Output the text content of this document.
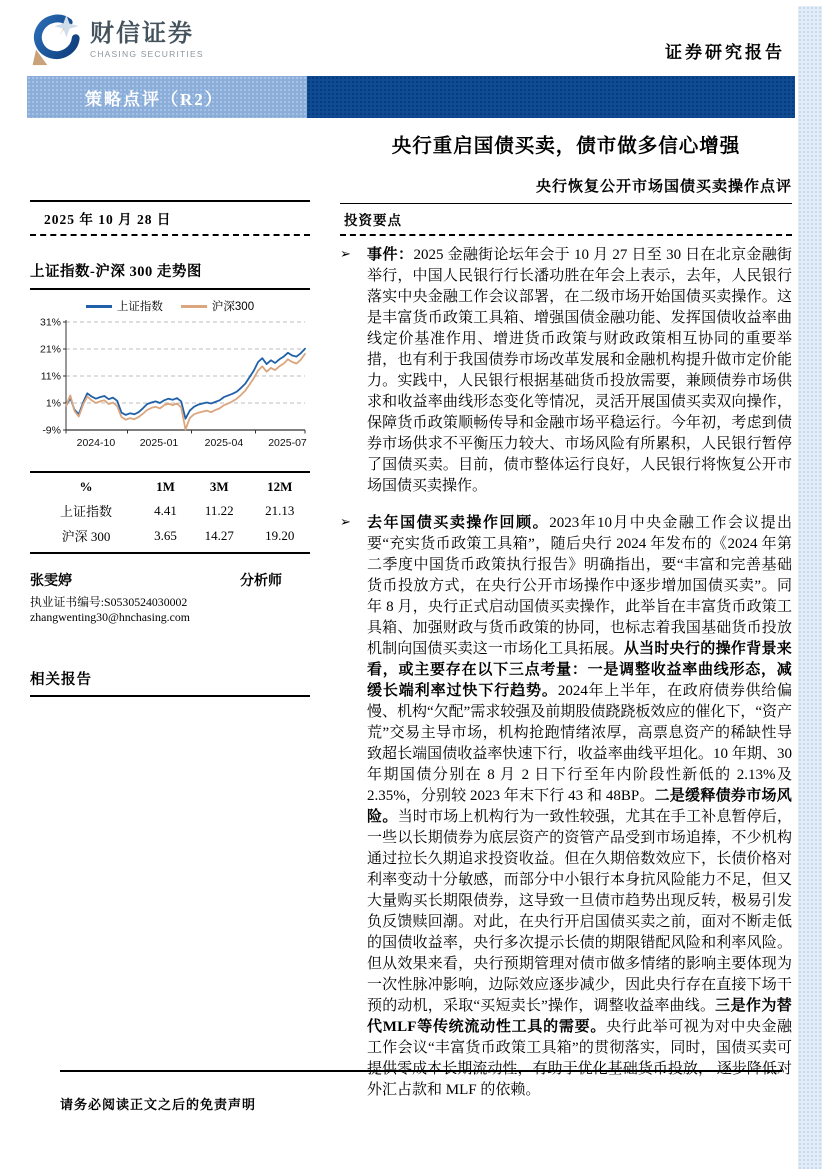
财信证券
CHASING SECURITIES	证券研究报告
策略点评（R2）
央行重启国债买卖，债市做多信心增强
央行恢复公开市场国债买卖操作点评
2025 年 10 月 28 日
上证指数-沪深 300 走势图
上证指数	沪深300
31%
21%
11%
1%
-9%
2024-10 2025-01	2025-04 2025-07
%	1M	3M	12M
上证指数	4.41	11.22	21.13
沪深 300	3.65	14.27	19.20
张雯婷	分析师
执业证书编号:S0530524030002
zhangwenting30@hnchasing.com
相关报告
投资要点
➢	事件：2025 金融街论坛年会于 10 月 27 日至 30 日在北京金融街举行，中国人民银行行长潘功胜在年会上表示，去年，人民银行落实中央金融工作会议部署，在二级市场开始国债买卖操作。这是丰富货币政策工具箱、增强国债金融功能、发挥国债收益率曲线定价基准作用、增进货币政策与财政政策相互协同的重要举措，也有利于我国债券市场改革发展和金融机构提升做市定价能力。实践中，人民银行根据基础货币投放需要，兼顾债券市场供求和收益率曲线形态变化等情况，灵活开展国债买卖双向操作，保障货币政策顺畅传导和金融市场平稳运行。今年初，考虑到债券市场供求不平衡压力较大、市场风险有所累积，人民银行暂停了国债买卖。目前，债市整体运行良好，人民银行将恢复公开市场国债买卖操作。

➢	去年国债买卖操作回顾。2023年10月中央金融工作会议提出要“充实货币政策工具箱”，随后央行 2024 年发布的《2024 年第二季度中国货币政策执行报告》明确指出，要“丰富和完善基础货币投放方式，在央行公开市场操作中逐步增加国债买卖”。同年 8 月，央行正式启动国债买卖操作，此举旨在丰富货币政策工具箱、加强财政与货币政策的协同，也标志着我国基础货币投放机制向国债买卖这一市场化工具拓展。从当时央行的操作背景来看，或主要存在以下三点考量：一是调整收益率曲线形态，减缓长端利率过快下行趋势。2024年上半年，在政府债券供给偏慢、机构“欠配”需求较强及前期股债跷跷板效应的催化下，“资产荒”交易主导市场，机构抢跑情绪浓厚，高票息资产的稀缺性导致超长端国债收益率快速下行，收益率曲线平坦化。10 年期、30 年期国债分别在 8 月 2 日下行至年内阶段性新低的 2.13%及 2.35%，分别较 2023 年末下行 43 和 48BP。二是缓释债券市场风险。当时市场上机构行为一致性较强，尤其在手工补息暂停后，一些以长期债券为底层资产的资管产品受到市场追捧，不少机构通过拉长久期追求投资收益。但在久期倍数效应下，长债价格对利率变动十分敏感，而部分中小银行本身抗风险能力不足，但又大量购买长期限债券，这导致一旦债市趋势出现反转，极易引发负反馈赎回潮。对此，在央行开启国债买卖之前，面对不断走低的国债收益率，央行多次提示长债的期限错配风险和利率风险。但从效果来看，央行预期管理对债市做多情绪的影响主要体现为一次性脉冲影响，边际效应逐步减少，因此央行存在直接下场干预的动机，采取“买短卖长”操作，调整收益率曲线。三是作为替代MLF等传统流动性工具的需要。央行此举可视为对中央金融工作会议“丰富货币政策工具箱”的贯彻落实，同时，国债买卖可提供零成本长期流动性，有助于优化基础货币投放， 逐步降低对外汇占款和 MLF 的依赖。

请务必阅读正文之后的免责声明
